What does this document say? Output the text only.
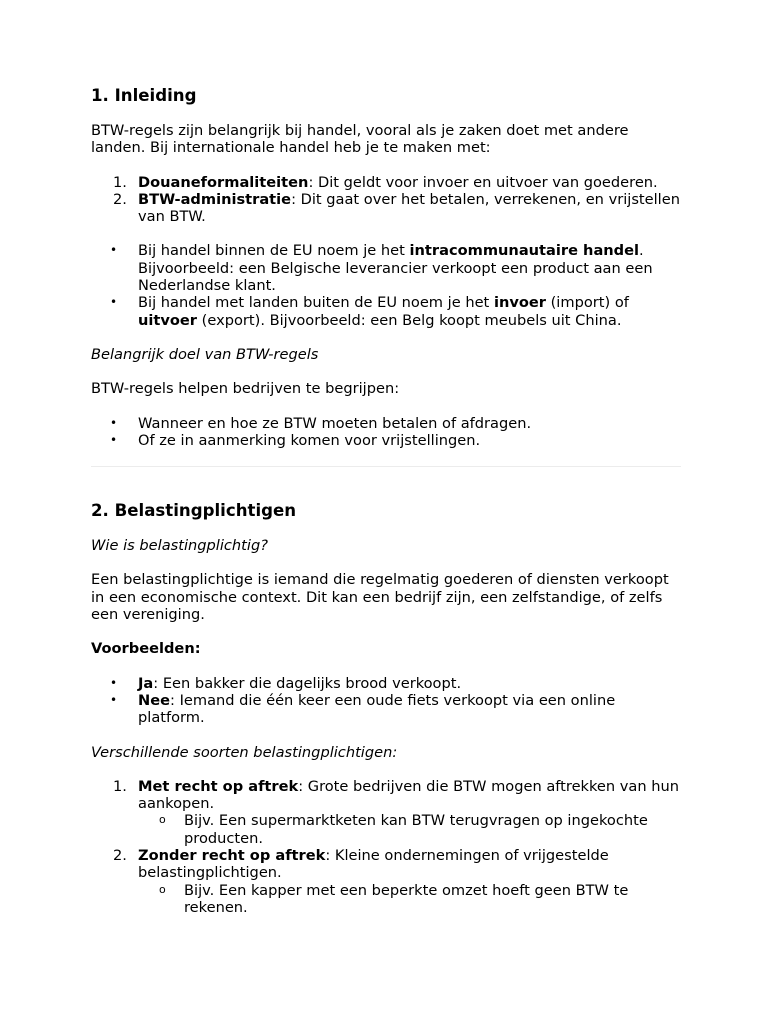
1. Inleiding

BTW-regels zijn belangrijk bij handel, vooral als je zaken doet met andere landen. Bij internationale handel heb je te maken met:

1. Douaneformaliteiten: Dit geldt voor invoer en uitvoer van goederen.
2. BTW-administratie: Dit gaat over het betalen, verrekenen, en vrijstellen van BTW.
• Bij handel binnen de EU noem je het intracommunautaire handel. Bijvoorbeeld: een Belgische leverancier verkoopt een product aan een Nederlandse klant.
• Bij handel met landen buiten de EU noem je het invoer (import) of uitvoer (export). Bijvoorbeeld: een Belg koopt meubels uit China.

Belangrijk doel van BTW-regels

BTW-regels helpen bedrijven te begrijpen:

• Wanneer en hoe ze BTW moeten betalen of afdragen.
• Of ze in aanmerking komen voor vrijstellingen.
2. Belastingplichtigen

Wie is belastingplichtig?

Een belastingplichtige is iemand die regelmatig goederen of diensten verkoopt in een economische context. Dit kan een bedrijf zijn, een zelfstandige, of zelfs een vereniging.

Voorbeelden:

• Ja: Een bakker die dagelijks brood verkoopt.
• Nee: Iemand die één keer een oude fiets verkoopt via een online platform.

Verschillende soorten belastingplichtigen:

1. Met recht op aftrek: Grote bedrijven die BTW mogen aftrekken van hun aankopen.
o Bijv. Een supermarktketen kan BTW terugvragen op ingekochte producten.
2. Zonder recht op aftrek: Kleine ondernemingen of vrijgestelde belastingplichtigen.
o Bijv. Een kapper met een beperkte omzet hoeft geen BTW te rekenen.
